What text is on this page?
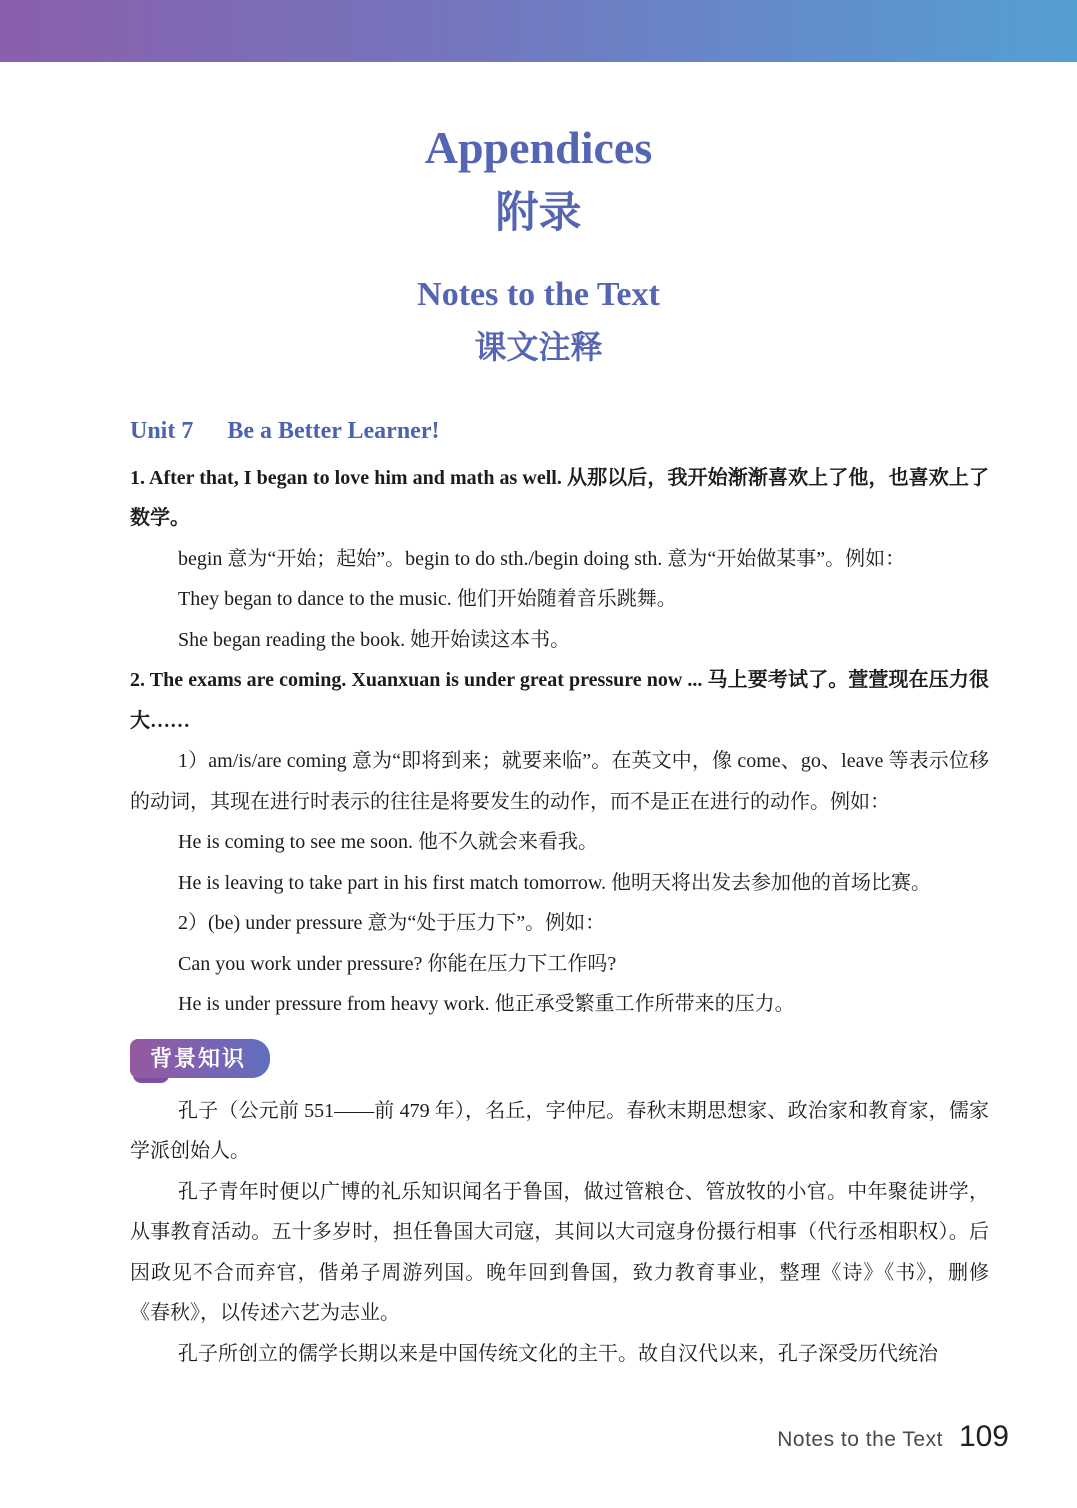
Appendices
附录
Notes to the Text
课文注释
Unit 7 Be a Better Learner!

1. After that, I began to love him and math as well. 从那以后，我开始渐渐喜欢上了他，也喜欢上了数学。

begin 意为“开始；起始”。begin to do sth./begin doing sth. 意为“开始做某事”。例如：

They began to dance to the music. 他们开始随着音乐跳舞。

She began reading the book. 她开始读这本书。

2. The exams are coming. Xuanxuan is under great pressure now ... 马上要考试了。萱萱现在压力很大……

1）am/is/are coming 意为“即将到来；就要来临”。在英文中，像 come、go、leave 等表示位移的动词，其现在进行时表示的往往是将要发生的动作，而不是正在进行的动作。例如：

He is coming to see me soon. 他不久就会来看我。

He is leaving to take part in his first match tomorrow. 他明天将出发去参加他的首场比赛。

2）(be) under pressure 意为“处于压力下”。例如：

Can you work under pressure? 你能在压力下工作吗?

He is under pressure from heavy work. 他正承受繁重工作所带来的压力。

背景知识

孔子（公元前 551——前 479 年），名丘，字仲尼。春秋末期思想家、政治家和教育家，儒家学派创始人。

孔子青年时便以广博的礼乐知识闻名于鲁国，做过管粮仓、管放牧的小官。中年聚徒讲学，从事教育活动。五十多岁时，担任鲁国大司寇，其间以大司寇身份摄行相事（代行丞相职权）。后因政见不合而弃官，偕弟子周游列国。晚年回到鲁国，致力教育事业，整理《诗》《书》，删修《春秋》，以传述六艺为志业。

孔子所创立的儒学长期以来是中国传统文化的主干。故自汉代以来，孔子深受历代统治

Notes to the Text 109
